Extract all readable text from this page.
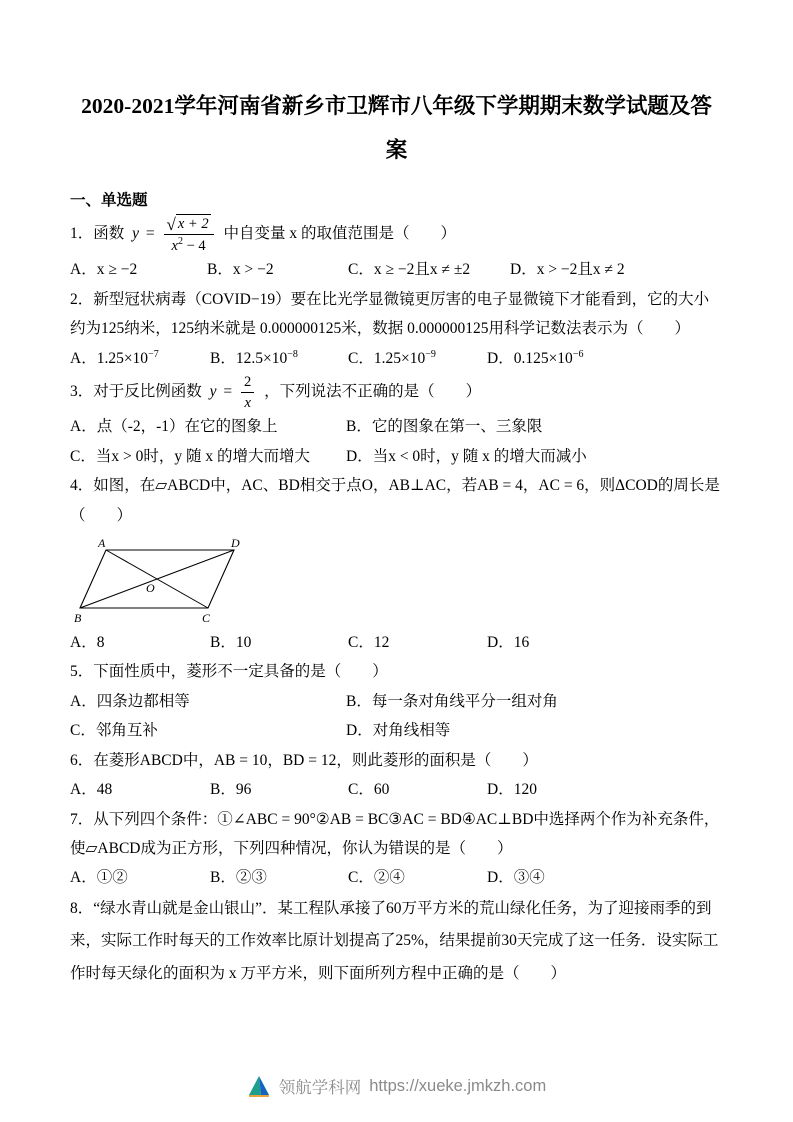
2020-2021学年河南省新乡市卫辉市八年级下学期期末数学试题及答
案
一、单选题
1．函数 $y = \frac{√ x + 2}{x^2 - 4}$ 中自变量 x 的取值范围是（　　）
A．x ≥ −2	B．x > −2	C．x ≥ −2且x ≠ ±2	D．x > −2且x ≠ 2
2．新型冠状病毒（COVID−19）要在比光学显微镜更厉害的电子显微镜下才能看到，它的大小约为125纳米，125纳米就是 0.000000125米，数据 0.000000125用科学记数法表示为（　　）
A．$1.25\times 10^{-7}$	B．$12.5\times 10^{-8}$	C．$1.25\times 10^{-9}$	D．$0.125\times 10^{-6}$
3．对于反比例函数 $y = \frac{2}{x}$ ，下列说法不正确的是（　　）
A．点（-2，-1）在它的图象上	B．它的图象在第一、三象限
C．当x > 0时，y 随 x 的增大而增大	D．当x < 0时，y 随 x 的增大而减小
4．如图，在▱ABCD中，AC、BD相交于点O，AB⊥AC，若AB = 4，AC = 6，则ΔCOD的周长是（　　）
A	D
B	C
O
A．8	B．10	C．12	D．16
5．下面性质中，菱形不一定具备的是（　　）
A．四条边都相等	B．每一条对角线平分一组对角
C．邻角互补	D．对角线相等
6．在菱形ABCD中，AB = 10，BD = 12，则此菱形的面积是（　　）
A．48	B．96	C．60	D．120
7．从下列四个条件：①∠ABC = 90°②AB = BC③AC = BD④AC⊥BD中选择两个作为补充条件，使▱ABCD成为正方形，下列四种情况，你认为错误的是（　　）
A．①②	B．②③	C．②④	D．③④
8．“绿水青山就是金山银山”．某工程队承接了60万平方米的荒山绿化任务，为了迎接雨季的到来，实际工作时每天的工作效率比原计划提高了25%，结果提前30天完成了这一任务．设实际工作时每天绿化的面积为 x 万平方米，则下面所列方程中正确的是（　　）
领航学科网 https://xueke.jmkzh.com
